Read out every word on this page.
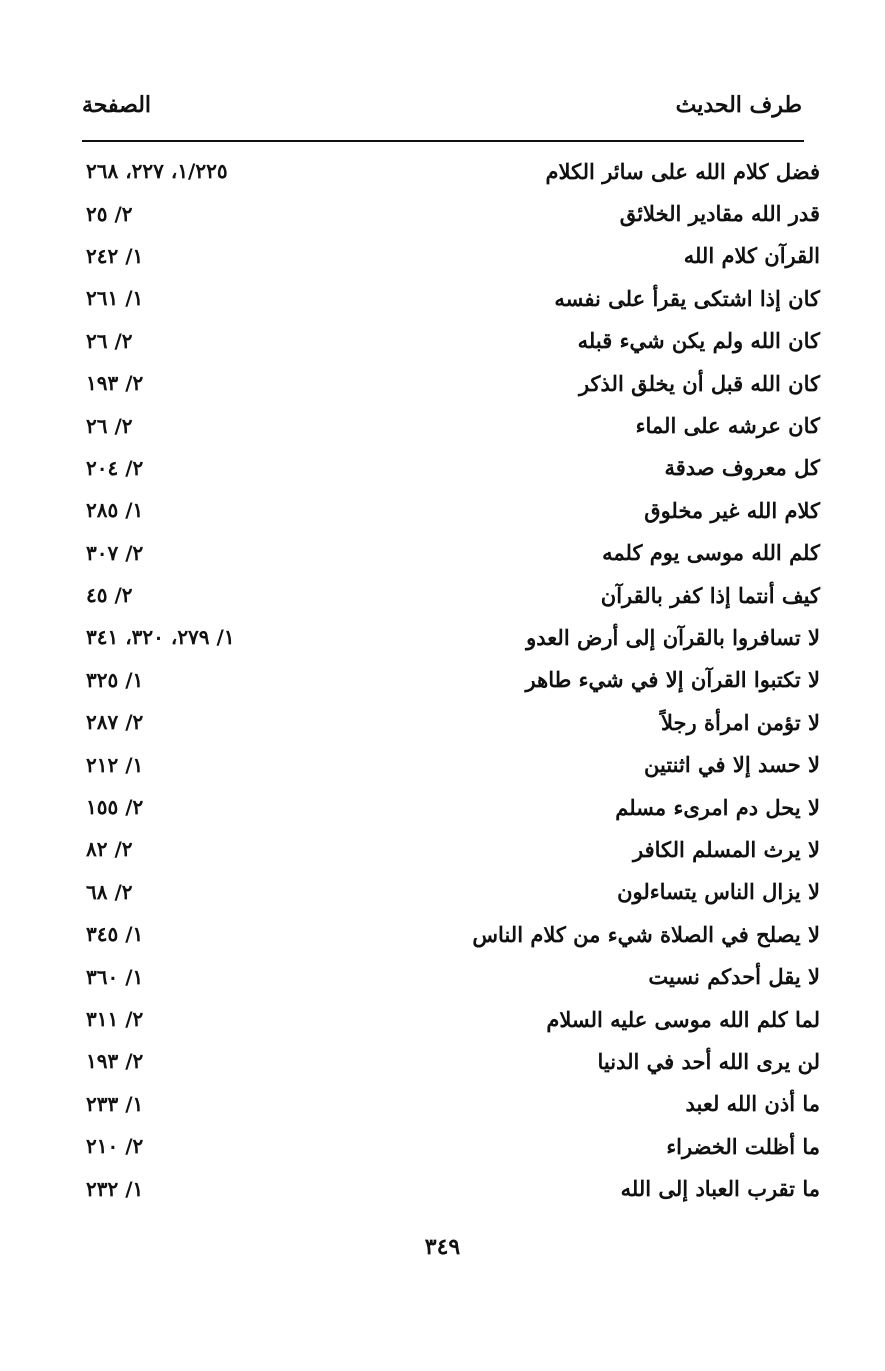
طرف الحديث
الصفحة
فضل كلام الله على سائر الكلام
١/٢٢٥، ٢٢٧، ٢٦٨
قدر الله مقادير الخلائق
٢/ ٢٥
القرآن كلام الله
١/ ٢٤٢
كان إذا اشتكى يقرأ على نفسه
١/ ٢٦١
كان الله ولم يكن شيء قبله
٢/ ٢٦
كان الله قبل أن يخلق الذكر
٢/ ١٩٣
كان عرشه على الماء
٢/ ٢٦
كل معروف صدقة
٢/ ٢٠٤
كلام الله غير مخلوق
١/ ٢٨٥
كلم الله موسى يوم كلمه
٢/ ٣٠٧
كيف أنتما إذا كفر بالقرآن
٢/ ٤٥
لا تسافروا بالقرآن إلى أرض العدو
١/ ٢٧٩، ٣٢٠، ٣٤١
لا تكتبوا القرآن إلا في شيء طاهر
١/ ٣٢٥
لا تؤمن امرأة رجلاً
٢/ ٢٨٧
لا حسد إلا في اثنتين
١/ ٢١٢
لا يحل دم امرىء مسلم
٢/ ١٥٥
لا يرث المسلم الكافر
٢/ ٨٢
لا يزال الناس يتساءلون
٢/ ٦٨
لا يصلح في الصلاة شيء من كلام الناس
١/ ٣٤٥
لا يقل أحدكم نسيت
١/ ٣٦٠
لما كلم الله موسى عليه السلام
٢/ ٣١١
لن يرى الله أحد في الدنيا
٢/ ١٩٣
ما أذن الله لعبد
١/ ٢٣٣
ما أظلت الخضراء
٢/ ٢١٠
ما تقرب العباد إلى الله
١/ ٢٣٢
٣٤٩
